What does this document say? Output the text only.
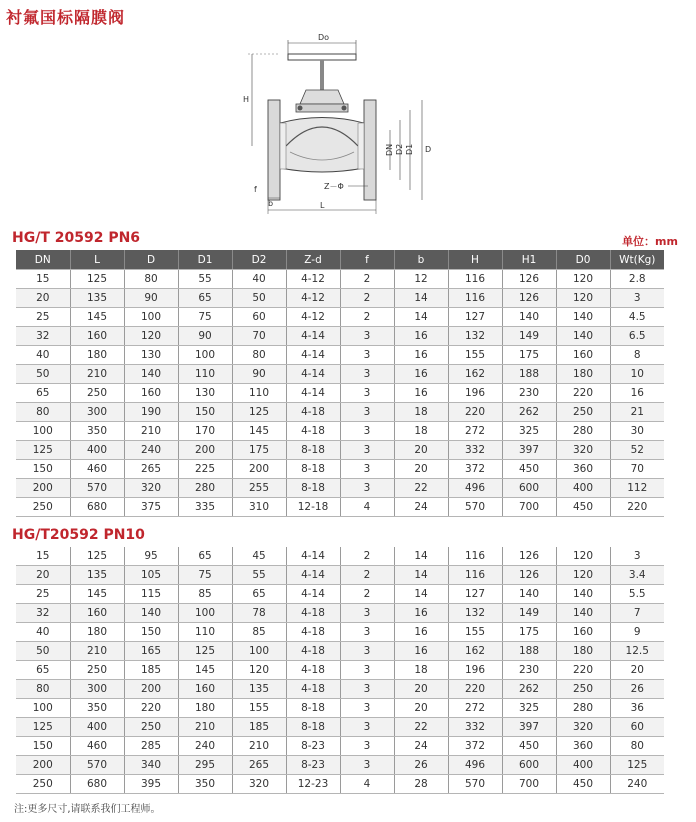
衬氟国标隔膜阀
Do
H
DN D2 D1 D
Z－Φ
f
b	L
HG/T 20592 PN6	单位：mm
DN	L	D	D1	D2	Z-d	f	b	H	H1	D0	Wt(Kg)
15	125	80	55	40	4-12	2	12	116	126	120	2.8
20	135	90	65	50	4-12	2	14	116	126	120	3
25	145	100	75	60	4-12	2	14	127	140	140	4.5
32	160	120	90	70	4-14	3	16	132	149	140	6.5
40	180	130	100	80	4-14	3	16	155	175	160	8
50	210	140	110	90	4-14	3	16	162	188	180	10
65	250	160	130	110	4-14	3	16	196	230	220	16
80	300	190	150	125	4-18	3	18	220	262	250	21
100	350	210	170	145	4-18	3	18	272	325	280	30
125	400	240	200	175	8-18	3	20	332	397	320	52
150	460	265	225	200	8-18	3	20	372	450	360	70
200	570	320	280	255	8-18	3	22	496	600	400	112
250	680	375	335	310	12-18	4	24	570	700	450	220
HG/T20592 PN10
15	125	95	65	45	4-14	2	14	116	126	120	3
20	135	105	75	55	4-14	2	14	116	126	120	3.4
25	145	115	85	65	4-14	2	14	127	140	140	5.5
32	160	140	100	78	4-18	3	16	132	149	140	7
40	180	150	110	85	4-18	3	16	155	175	160	9
50	210	165	125	100	4-18	3	16	162	188	180	12.5
65	250	185	145	120	4-18	3	18	196	230	220	20
80	300	200	160	135	4-18	3	20	220	262	250	26
100	350	220	180	155	8-18	3	20	272	325	280	36
125	400	250	210	185	8-18	3	22	332	397	320	60
150	460	285	240	210	8-23	3	24	372	450	360	80
200	570	340	295	265	8-23	3	26	496	600	400	125
250	680	395	350	320	12-23	4	28	570	700	450	240
注:更多尺寸,请联系我们工程师。
